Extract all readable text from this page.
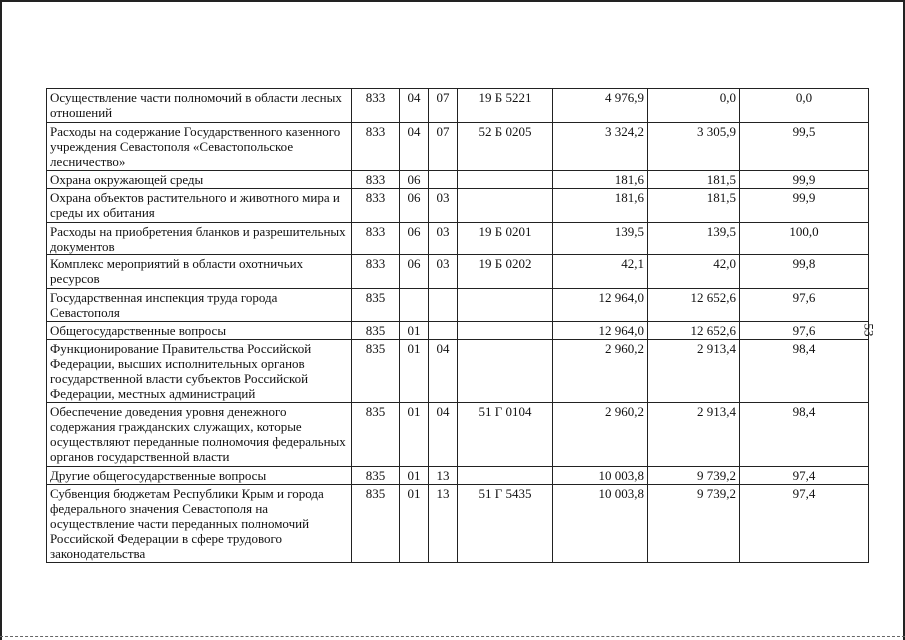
Осуществление части полномочий в области лесных отношений	833	04	07	19 Б 5221	4 976,9	0,0	0,0
Расходы на содержание Государственного казенного учреждения Севастополя «Севастопольское лесничество»	833	04	07	52 Б 0205	3 324,2	3 305,9	99,5
Охрана окружающей среды	833	06			181,6	181,5	99,9
Охрана объектов растительного и животного мира и среды их обитания	833	06	03		181,6	181,5	99,9
Расходы на приобретения бланков и разрешительных документов	833	06	03	19 Б 0201	139,5	139,5	100,0
Комплекс мероприятий в области охотничьих ресурсов	833	06	03	19 Б 0202	42,1	42,0	99,8
Государственная инспекция труда города Севастополя	835				12 964,0	12 652,6	97,6
Общегосударственные вопросы	835	01			12 964,0	12 652,6	97,6
Функционирование Правительства Российской Федерации, высших исполнительных органов государственной власти субъектов Российской Федерации, местных администраций	835	01	04		2 960,2	2 913,4	98,4
Обеспечение доведения уровня денежного содержания гражданских служащих, которые осуществляют переданные полномочия федеральных органов государственной власти	835	01	04	51 Г 0104	2 960,2	2 913,4	98,4
Другие общегосударственные вопросы	835	01	13		10 003,8	9 739,2	97,4
Субвенция бюджетам Республики Крым и города федерального значения Севастополя на осуществление части переданных полномочий Российской Федерации в сфере трудового законодательства	835	01	13	51 Г 5435	10 003,8	9 739,2	97,4
53
